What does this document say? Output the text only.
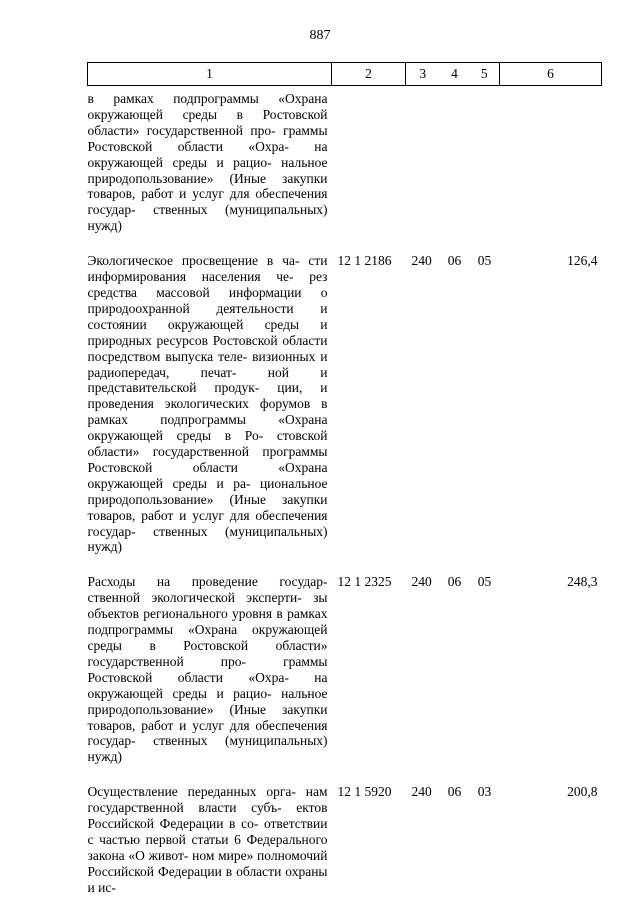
887
1	2	3	4	5	6
в рамках подпрограммы «Охрана окружающей среды в Ростовской области» государственной про- граммы Ростовской области «Охра- на окружающей среды и рацио- нальное природопользование» (Иные закупки товаров, работ и услуг для обеспечения государ- ственных (муниципальных) нужд)					
Экологическое просвещение в ча- сти информирования населения че- рез средства массовой информации о природоохранной деятельности и состоянии окружающей среды и природных ресурсов Ростовской области посредством выпуска теле- визионных и радиопередач, печат- ной и представительской продук- ции, и проведения экологических форумов в рамках подпрограммы «Охрана окружающей среды в Ро- стовской области» государственной программы Ростовской области «Охрана окружающей среды и ра- циональное природопользование» (Иные закупки товаров, работ и услуг для обеспечения государ- ственных (муниципальных) нужд)	12 1 2186	240	06	05	126,4
Расходы на проведение государ- ственной экологической эксперти- зы объектов регионального уровня в рамках подпрограммы «Охрана окружающей среды в Ростовской области» государственной про- граммы Ростовской области «Охра- на окружающей среды и рацио- нальное природопользование» (Иные закупки товаров, работ и услуг для обеспечения государ- ственных (муниципальных) нужд)	12 1 2325	240	06	05	248,3
Осуществление переданных орга- нам государственной власти субъ- ектов Российской Федерации в со- ответствии с частью первой статьи 6 Федерального закона «О живот- ном мире» полномочий Российской Федерации в области охраны и ис-	12 1 5920	240	06	03	200,8
